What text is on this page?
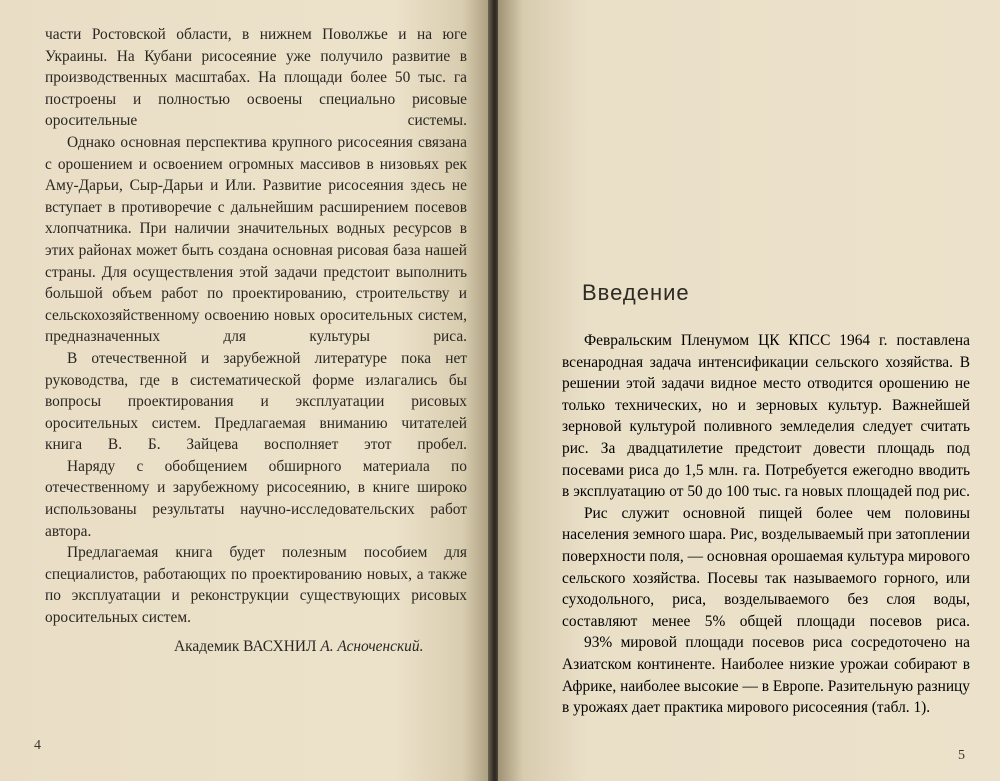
части Ростовской области, в нижнем Поволжье и на юге Украины. На Кубани рисосеяние уже получило развитие в производственных масштабах. На площади более 50 тыс. га построены и полностью освоены специально рисовые оросительные системы.

Однако основная перспектива крупного рисосеяния связана с орошением и освоением огромных массивов в низовьях рек Аму-Дарьи, Сыр-Дарьи и Или. Развитие рисосеяния здесь не вступает в противоречие с дальнейшим расширением посевов хлопчатника. При наличии значительных водных ресурсов в этих районах может быть создана основная рисовая база нашей страны. Для осуществления этой задачи предстоит выполнить большой объем работ по проектированию, строительству и сельскохозяйственному освоению новых оросительных систем, предназначенных для культуры риса.

В отечественной и зарубежной литературе пока нет руководства, где в систематической форме излагались бы вопросы проектирования и эксплуатации рисовых оросительных систем. Предлагаемая вниманию читателей книга В. Б. Зайцева восполняет этот пробел.

Наряду с обобщением обширного материала по отечественному и зарубежному рисосеянию, в книге широко использованы результаты научно-исследовательских работ автора.

Предлагаемая книга будет полезным пособием для специалистов, работающих по проектированию новых, а также по эксплуатации и реконструкции существующих рисовых оросительных систем.

Академик ВАСХНИЛ А. Асноченский.
4
Введение

Февральским Пленумом ЦК КПСС 1964 г. поставлена всенародная задача интенсификации сельского хозяйства. В решении этой задачи видное место отводится орошению не только технических, но и зерновых культур. Важнейшей зерновой культурой поливного земледелия следует считать рис. За двадцатилетие предстоит довести площадь под посевами риса до 1,5 млн. га. Потребуется ежегодно вводить в эксплуатацию от 50 до 100 тыс. га новых площадей под рис.

Рис служит основной пищей более чем половины населения земного шара. Рис, возделываемый при затоплении поверхности поля, — основная орошаемая культура мирового сельского хозяйства. Посевы так называемого горного, или суходольного, риса, возделываемого без слоя воды, составляют менее 5% общей площади посевов риса.

93% мировой площади посевов риса сосредоточено на Азиатском континенте. Наиболее низкие урожаи собирают в Африке, наиболее высокие — в Европе. Разительную разницу в урожаях дает практика мирового рисосеяния (табл. 1).

5
